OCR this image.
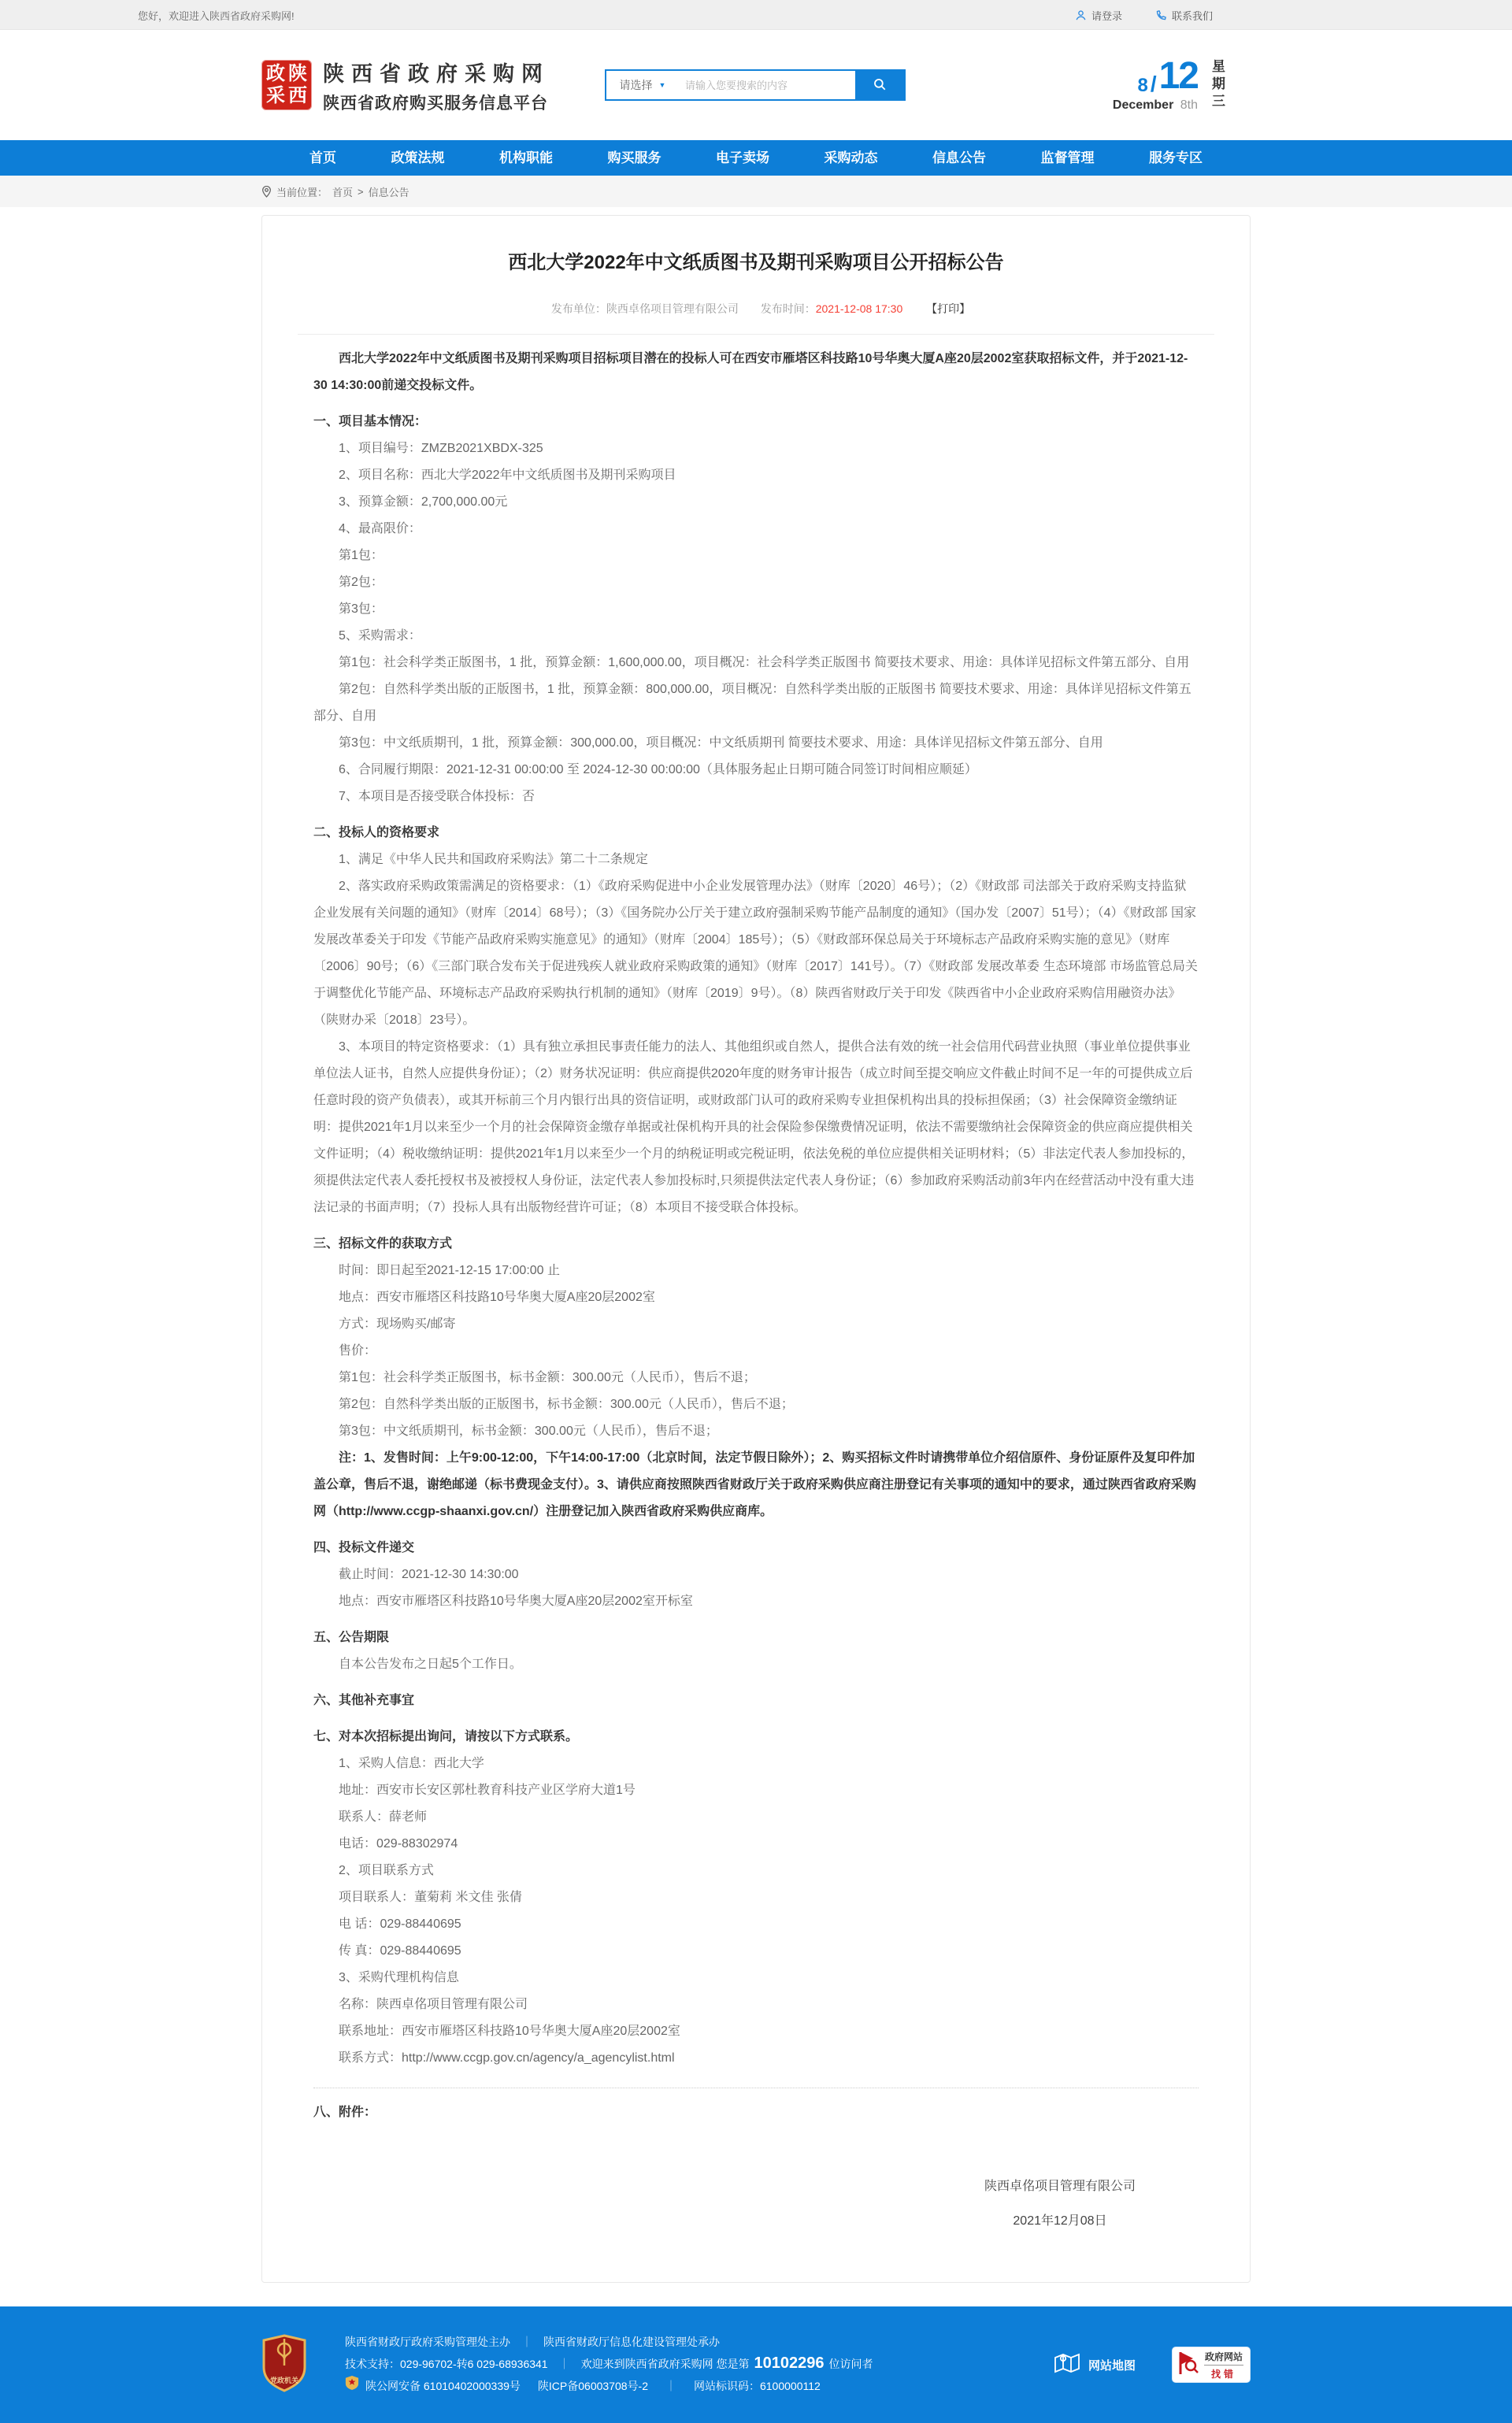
您好，欢迎进入陕西省政府采购网!	请登录	联系我们
政 陕
采 西
陕西省政府采购网
陕西省政府购买服务信息平台
请选择 ▼
请输入您要搜索的内容	8 / 12
December 8th 星期三
首页	政策法规	机构职能	购买服务	电子卖场	采购动态	信息公告	监督管理	服务专区
当前位置： 首页 > 信息公告
西北大学2022年中文纸质图书及期刊采购项目公开招标公告
发布单位：陕西卓佲项目管理有限公司 发布时间：2021-12-08 17:30 【打印】

西北大学2022年中文纸质图书及期刊采购项目招标项目潜在的投标人可在西安市雁塔区科技路10号华奥大厦A座20层2002室获取招标文件，并于2021-12-30 14:30:00前递交投标文件。

一、项目基本情况：

1、项目编号：ZMZB2021XBDX-325

2、项目名称：西北大学2022年中文纸质图书及期刊采购项目

3、预算金额：2,700,000.00元

4、最高限价：

第1包：

第2包：

第3包：

5、采购需求：

第1包：社会科学类正版图书，1 批，预算金额：1,600,000.00，项目概况：社会科学类正版图书 简要技术要求、用途：具体详见招标文件第五部分、自用

第2包：自然科学类出版的正版图书，1 批，预算金额：800,000.00，项目概况：自然科学类出版的正版图书 简要技术要求、用途：具体详见招标文件第五部分、自用

第3包：中文纸质期刊，1 批，预算金额：300,000.00，项目概况：中文纸质期刊 简要技术要求、用途：具体详见招标文件第五部分、自用

6、合同履行期限：2021-12-31 00:00:00 至 2024-12-30 00:00:00（具体服务起止日期可随合同签订时间相应顺延）

7、本项目是否接受联合体投标：否

二、投标人的资格要求

1、满足《中华人民共和国政府采购法》第二十二条规定

2、落实政府采购政策需满足的资格要求：（1）《政府采购促进中小企业发展管理办法》（财库〔2020〕46号）；（2）《财政部 司法部关于政府采购支持监狱企业发展有关问题的通知》（财库〔2014〕68号）；（3）《国务院办公厅关于建立政府强制采购节能产品制度的通知》（国办发〔2007〕51号）；（4）《财政部 国家发展改革委关于印发《节能产品政府采购实施意见》的通知》（财库〔2004〕185号）；（5）《财政部环保总局关于环境标志产品政府采购实施的意见》（财库〔2006〕90号；（6）《三部门联合发布关于促进残疾人就业政府采购政策的通知》（财库〔2017〕141号）。（7）《财政部 发展改革委 生态环境部 市场监管总局关于调整优化节能产品、环境标志产品政府采购执行机制的通知》（财库〔2019〕9号）。（8）陕西省财政厅关于印发《陕西省中小企业政府采购信用融资办法》（陕财办采〔2018〕23号）。

3、本项目的特定资格要求：（1）具有独立承担民事责任能力的法人、其他组织或自然人，提供合法有效的统一社会信用代码营业执照（事业单位提供事业单位法人证书，自然人应提供身份证）；（2）财务状况证明：供应商提供2020年度的财务审计报告（成立时间至提交响应文件截止时间不足一年的可提供成立后任意时段的资产负债表），或其开标前三个月内银行出具的资信证明，或财政部门认可的政府采购专业担保机构出具的投标担保函；（3）社会保障资金缴纳证明：提供2021年1月以来至少一个月的社会保障资金缴存单据或社保机构开具的社会保险参保缴费情况证明，依法不需要缴纳社会保障资金的供应商应提供相关文件证明；（4）税收缴纳证明：提供2021年1月以来至少一个月的纳税证明或完税证明，依法免税的单位应提供相关证明材料；（5）非法定代表人参加投标的，须提供法定代表人委托授权书及被授权人身份证，法定代表人参加投标时,只须提供法定代表人身份证；（6）参加政府采购活动前3年内在经营活动中没有重大违法记录的书面声明；（7）投标人具有出版物经营许可证；（8）本项目不接受联合体投标。

三、招标文件的获取方式

时间：即日起至2021-12-15 17:00:00 止

地点：西安市雁塔区科技路10号华奥大厦A座20层2002室

方式：现场购买/邮寄

售价：

第1包：社会科学类正版图书，标书金额：300.00元（人民币），售后不退；

第2包：自然科学类出版的正版图书，标书金额：300.00元（人民币），售后不退；

第3包：中文纸质期刊，标书金额：300.00元（人民币），售后不退；

注：1、发售时间：上午9:00-12:00，下午14:00-17:00（北京时间，法定节假日除外）；2、购买招标文件时请携带单位介绍信原件、身份证原件及复印件加盖公章，售后不退，谢绝邮递（标书费现金支付）。3、请供应商按照陕西省财政厅关于政府采购供应商注册登记有关事项的通知中的要求，通过陕西省政府采购网（http://www.ccgp-shaanxi.gov.cn/）注册登记加入陕西省政府采购供应商库。

四、投标文件递交

截止时间：2021-12-30 14:30:00

地点：西安市雁塔区科技路10号华奥大厦A座20层2002室开标室

五、公告期限

自本公告发布之日起5个工作日。

六、其他补充事宜

七、对本次招标提出询问，请按以下方式联系。

1、采购人信息：西北大学

地址：西安市长安区郭杜教育科技产业区学府大道1号

联系人：薛老师

电话：029-88302974

2、项目联系方式

项目联系人：董菊莉 米文佳 张倩

电 话：029-88440695

传 真：029-88440695

3、采购代理机构信息

名称：陕西卓佲项目管理有限公司

联系地址：西安市雁塔区科技路10号华奥大厦A座20层2002室

联系方式：http://www.ccgp.gov.cn/agency/a_agencylist.html

八、附件：

陕西卓佲项目管理有限公司

2021年12月08日

党政机关
陕西省财政厅政府采购管理处主办 ｜ 陕西省财政厅信息化建设管理处承办
技术支持：029-96702-转6 029-68936341 ｜ 欢迎来到陕西省政府采购网 您是第 10102296 位访问者
陕公网安备 61010402000339号 陕ICP备06003708号-2 ｜ 网站标识码：6100000112
网站地图
政府网站
找错
